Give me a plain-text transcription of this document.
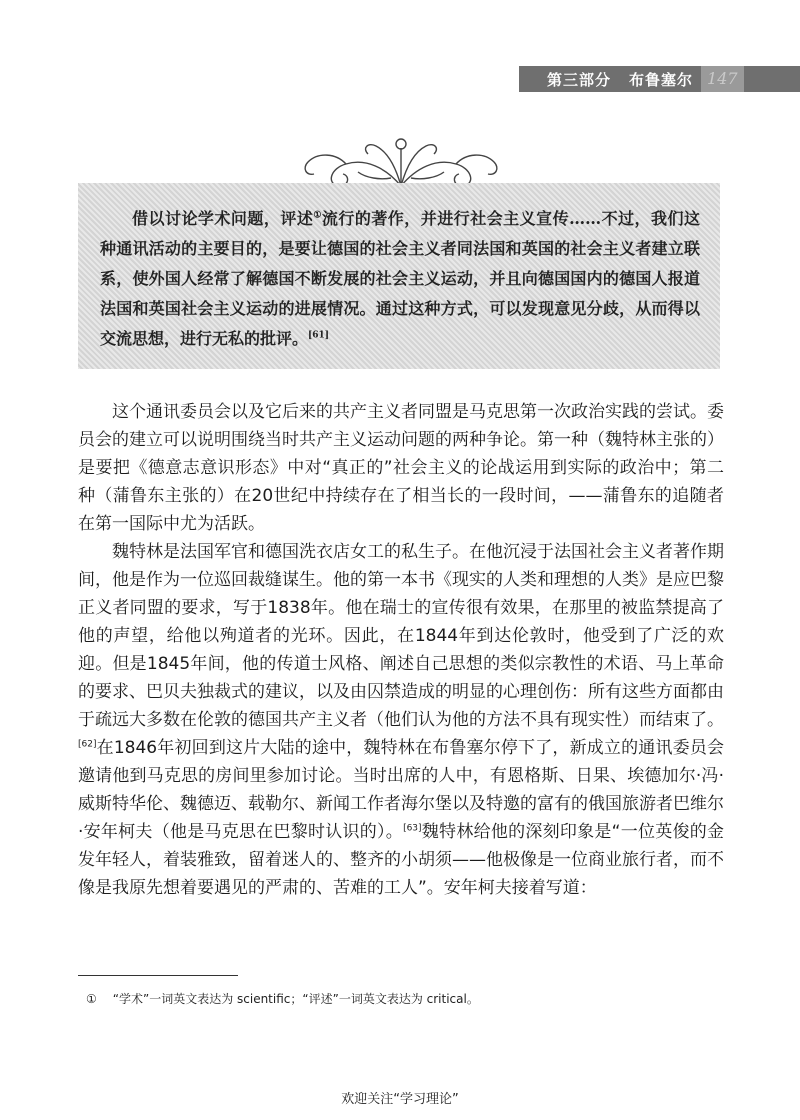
第三部分 布鲁塞尔 147
借以讨论学术问题，评述①流行的著作，并进行社会主义宣传……不过，我们这种通讯活动的主要目的，是要让德国的社会主义者同法国和英国的社会主义者建立联系，使外国人经常了解德国不断发展的社会主义运动，并且向德国国内的德国人报道法国和英国社会主义运动的进展情况。通过这种方式，可以发现意见分歧，从而得以交流思想，进行无私的批评。[61]

这个通讯委员会以及它后来的共产主义者同盟是马克思第一次政治实践的尝试。委员会的建立可以说明围绕当时共产主义运动问题的两种争论。第一种（魏特林主张的）是要把《德意志意识形态》中对“真正的”社会主义的论战运用到实际的政治中；第二种（蒲鲁东主张的）在20世纪中持续存在了相当长的一段时间，——蒲鲁东的追随者在第一国际中尤为活跃。

魏特林是法国军官和德国洗衣店女工的私生子。在他沉浸于法国社会主义者著作期间，他是作为一位巡回裁缝谋生。他的第一本书《现实的人类和理想的人类》是应巴黎正义者同盟的要求，写于1838年。他在瑞士的宣传很有效果，在那里的被监禁提高了他的声望，给他以殉道者的光环。因此，在1844年到达伦敦时，他受到了广泛的欢迎。但是1845年间，他的传道士风格、阐述自己思想的类似宗教性的术语、马上革命的要求、巴贝夫独裁式的建议，以及由囚禁造成的明显的心理创伤：所有这些方面都由于疏远大多数在伦敦的德国共产主义者（他们认为他的方法不具有现实性）而结束了。[62]在1846年初回到这片大陆的途中，魏特林在布鲁塞尔停下了，新成立的通讯委员会邀请他到马克思的房间里参加讨论。当时出席的人中，有恩格斯、日果、埃德加尔·冯·威斯特华伦、魏德迈、载勒尔、新闻工作者海尔堡以及特邀的富有的俄国旅游者巴维尔·安年柯夫（他是马克思在巴黎时认识的）。[63]魏特林给他的深刻印象是“一位英俊的金发年轻人，着装雅致，留着迷人的、整齐的小胡须——他极像是一位商业旅行者，而不像是我原先想着要遇见的严肃的、苦难的工人”。安年柯夫接着写道：

① “学术”一词英文表达为 scientific；“评述”一词英文表达为 critical。
欢迎关注“学习理论”
